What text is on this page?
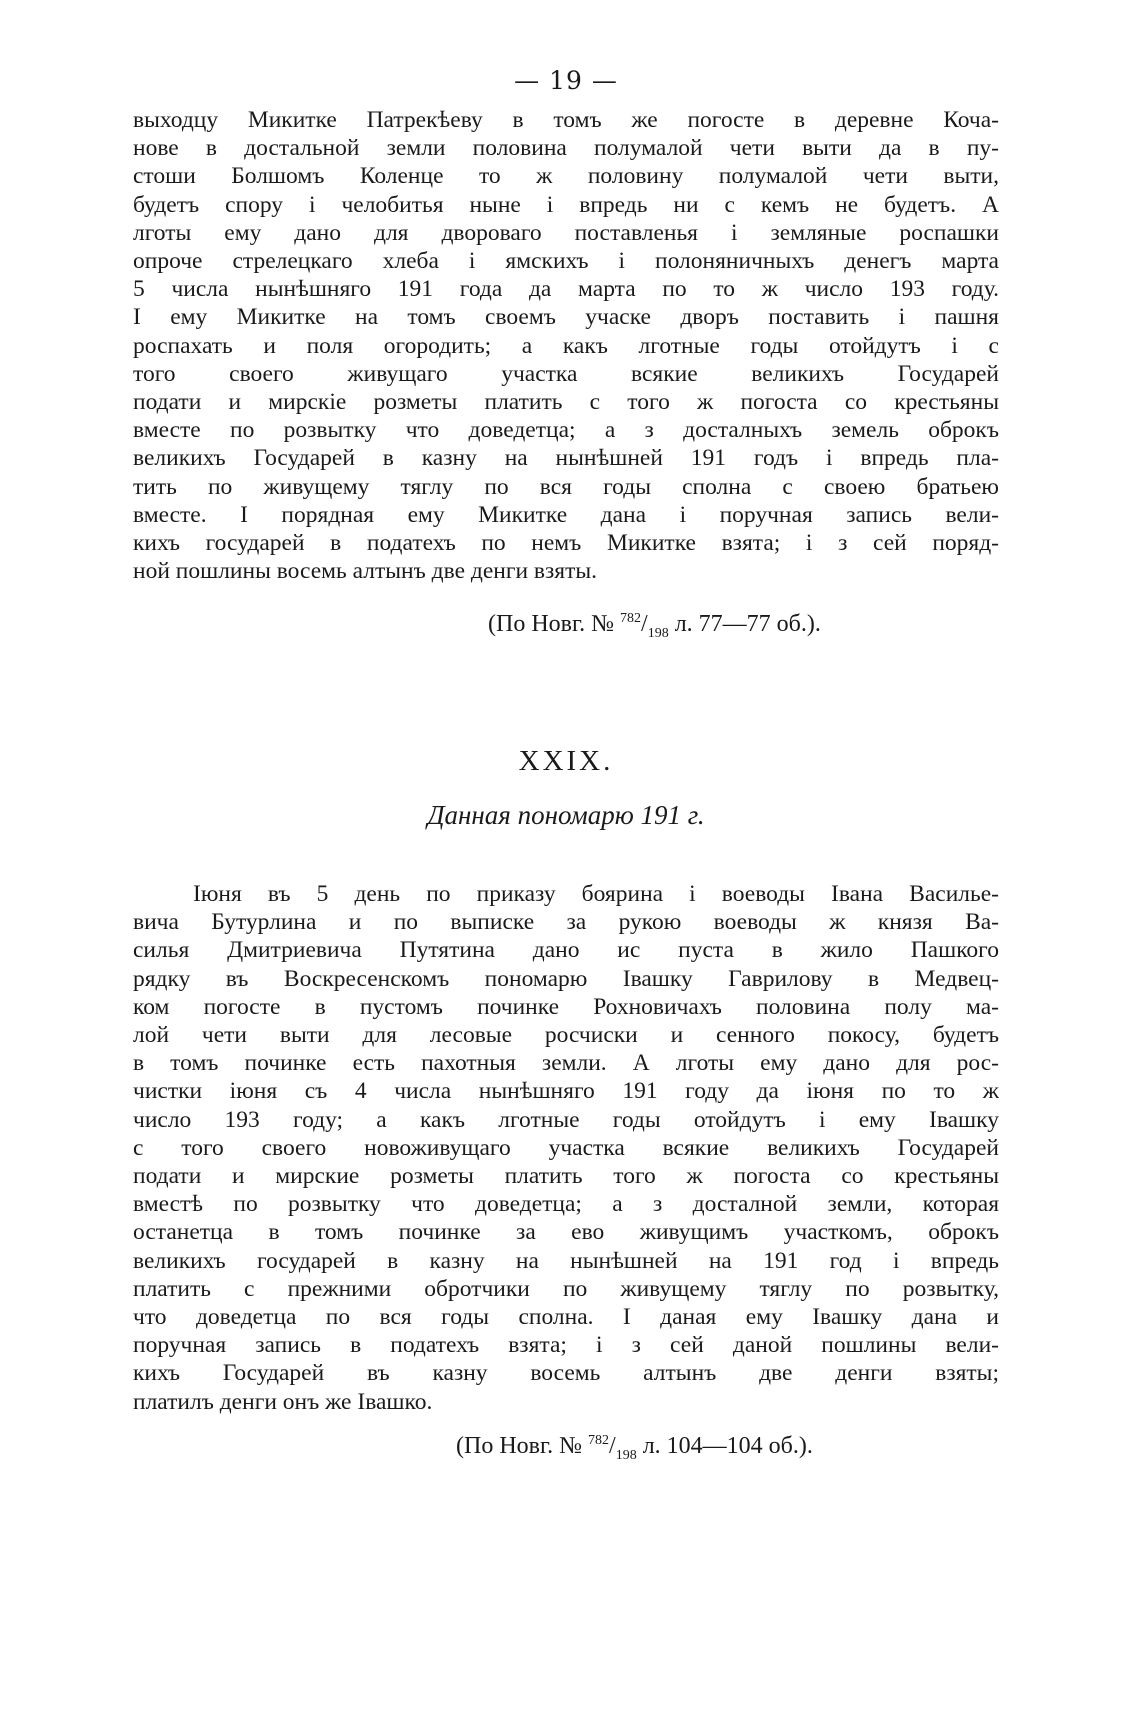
— 19 —
выходцу Микитке Патрекѣеву в томъ же погосте в деревне Коча-
нове в достальной земли половина полумалой чети выти да в пу-
стоши Болшомъ Коленце то ж половину полумалой чети выти,
будетъ спору і челобитья ныне і впредь ни с кемъ не будетъ. А
лготы ему дано для двороваго поставленья і земляные роспашки
опроче стрелецкаго хлеба і ямскихъ і полоняничныхъ денегъ марта
5 числа нынѣшняго 191 года да марта по то ж число 193 году.
І ему Микитке на томъ своемъ учаске дворъ поставить і пашня
роспахать и поля огородить; а какъ лготные годы отойдутъ і с
того своего живущаго участка всякие великихъ Государей
подати и мирскіе розметы платить с того ж погоста со крестьяны
вместе по розвытку что доведетца; а з досталныхъ земель оброкъ
великихъ Государей в казну на нынѣшней 191 годъ і впредь пла-
тить по живущему тяглу по вся годы сполна с своею братьею
вместе. І порядная ему Микитке дана і поручная запись вели-
кихъ государей в податехъ по немъ Микитке взята; і з сей поряд-
ной пошлины восемь алтынъ две денги взяты.
(По Новг. № $^{782}/_{198}$ л. 77—77 об.).
XXIX.
Данная пономарю 191 г.
Іюня въ 5 день по приказу боярина і воеводы Івана Василье-
вича Бутурлина и по выписке за рукою воеводы ж князя Ва-
силья Дмитриевича Путятина дано ис пуста в жило Пашкого
рядку въ Воскресенскомъ пономарю Івашку Гаврилову в Медвец-
ком погосте в пустомъ починке Рохновичахъ половина полу ма-
лой чети выти для лесовые росчиски и сенного покосу, будетъ
в томъ починке есть пахотныя земли. А лготы ему дано для рос-
чистки іюня съ 4 числа нынѣшняго 191 году да іюня по то ж
число 193 году; а какъ лготные годы отойдутъ і ему Івашку
с того своего новоживущаго участка всякие великихъ Государей
подати и мирские розметы платить того ж погоста со крестьяны
вместѣ по розвытку что доведетца; а з досталной земли, которая
останетца в томъ починке за ево живущимъ участкомъ, оброкъ
великихъ государей в казну на нынѣшней на 191 год і впредь
платить с прежними обротчики по живущему тяглу по розвытку,
что доведетца по вся годы сполна. І даная ему Івашку дана и
поручная запись в податехъ взята; і з сей даной пошлины вели-
кихъ Государей въ казну восемь алтынъ две денги взяты;
платилъ денги онъ же Івашко.
(По Новг. № $^{782}/_{198}$ л. 104—104 об.).
